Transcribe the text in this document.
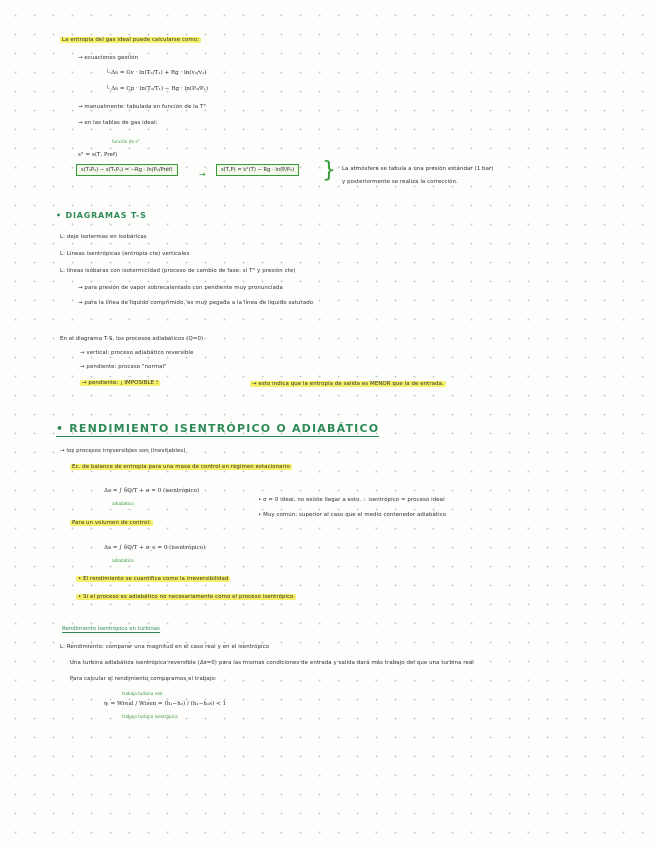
La entropía del gas ideal puede calcularse como:
→ ecuaciones gestión
└ Δs = Cv · ln(T₂/T₁) + Rg · ln(v₂/v₁)
└ Δs = Cp · ln(T₂/T₁) − Rg · ln(P₂/P₁)
→ manualmente: tabulada en función de la T°
→ en las tablas de gas ideal:
función de s°
s° = s(T, Pref)
s(T₂P₂) − s(T₁P₁) = −Rg · ln(P₂/Pref)	→	s(T,P) = s°(T) − Rg · ln(P/P₀) } La atmósfera se tabula a una presión estándar (1 bar)
y posteriormente se realiza la corrección.
• DIAGRAMAS T-S
L: deje isotermas en isobáricas
L: Líneas isentrópicas (entropía cte) verticales
L: líneas isóbaras con isotermicidad (proceso de cambio de fase: si T° y presión cte)
→ para presión de vapor sobrecalentado con pendiente muy pronunciada
→ para la línea de líquido comprimido, es muy pegada a la línea de líquido saturado
En el diagrama T-S, los procesos adiabáticos (Q=0)
→ vertical: proceso adiabático reversible
→ pendiente: proceso "normal"
→ pendiente: ¡ IMPOSIBLE !	→ esto indica que la entropía de salida es MENOR que la de entrada.
• RENDIMIENTO ISENTRÓPICO O ADIABÁTICO
→ los procesos irreversibles son (inevitables)
Ec. de balance de entropía para una masa de control en régimen estacionario
Δs = ∫ δQ/T + σ = 0 (isentrópico)
adiabático
• σ = 0 ideal, no existe llegar a esto. ∴ isentrópico = proceso ideal
• Muy común: superior al caso que el medio contenedor adiabático
Para un volumen de control:
Δs = ∫ δQ/T + σ_e = 0 (isentrópico)
adiabático
• El rendimiento se cuantifica como la irreversibilidad
• Si el proceso es adiabático no necesariamente como el proceso isentrópico
Rendimiento isentrópico en turbinas
L: Rendimiento: comparar una magnitud en el caso real y en el isentrópico
Una turbina adiabática isentrópica reversible (Δs=0) para las mismas condiciones de entrada y salida dará más trabajo del que una turbina real
Para calcular el rendimiento comparamos el trabajo:
trabajo turbina real
ηₜ = Wreal / Wisen = (h₁−h₂) / (h₁−h₂s) < 1
trabajo turbina isentrópica
